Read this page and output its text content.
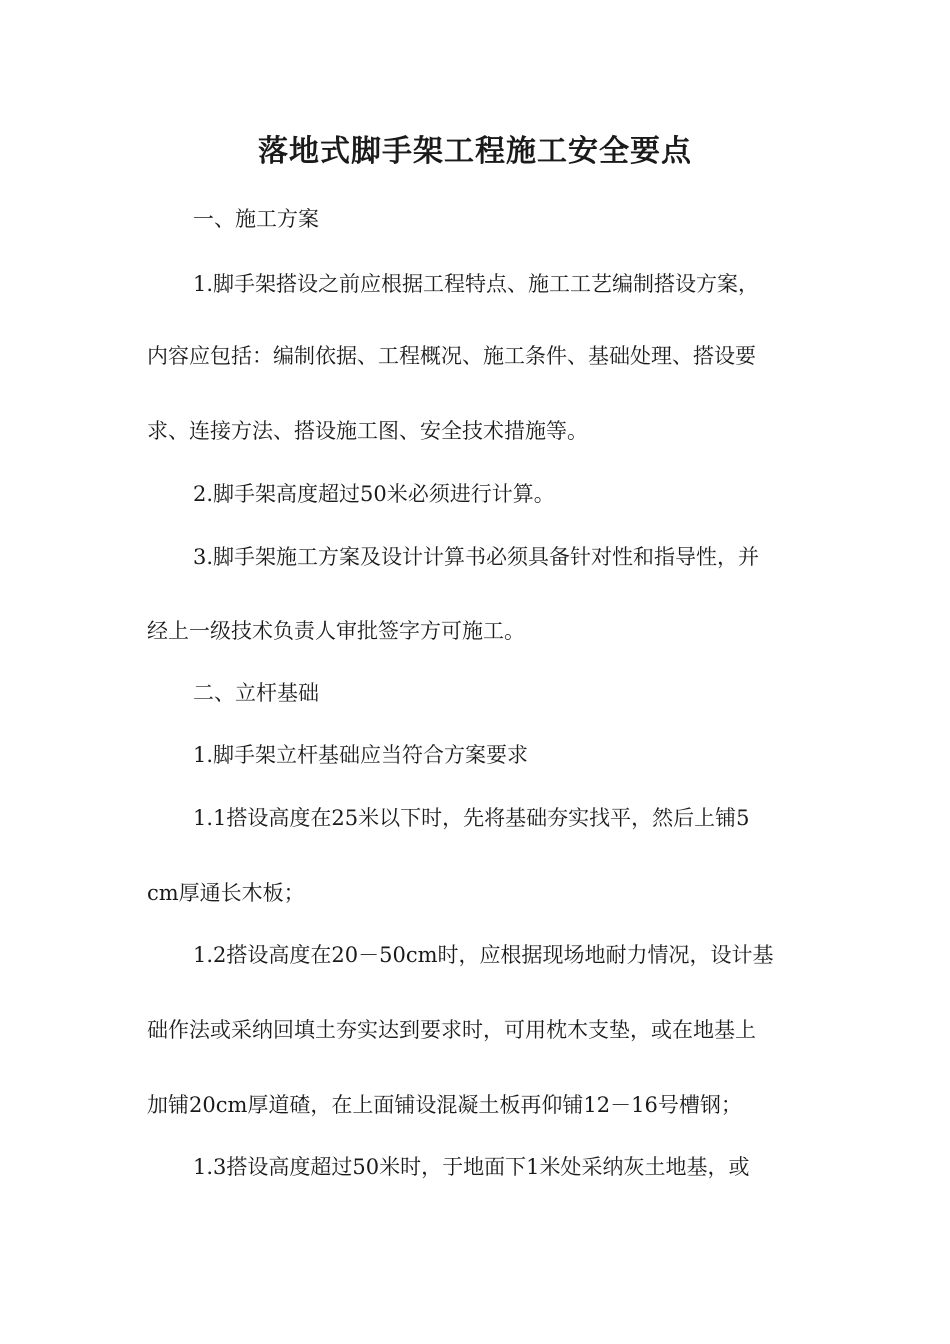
落地式脚手架工程施工安全要点
一、施工方案
1.脚手架搭设之前应根据工程特点、施工工艺编制搭设方案，
内容应包括：编制依据、工程概况、施工条件、基础处理、搭设要
求、连接方法、搭设施工图、安全技术措施等。
2.脚手架高度超过50米必须进行计算。
3.脚手架施工方案及设计计算书必须具备针对性和指导性，并
经上一级技术负责人审批签字方可施工。
二、立杆基础
1.脚手架立杆基础应当符合方案要求
1.1搭设高度在25米以下时，先将基础夯实找平，然后上铺5
cm厚通长木板；
1.2搭设高度在20－50cm时，应根据现场地耐力情况，设计基
础作法或采纳回填土夯实达到要求时，可用枕木支垫，或在地基上
加铺20cm厚道碴，在上面铺设混凝土板再仰铺12－16号槽钢；
1.3搭设高度超过50米时，于地面下1米处采纳灰土地基，或
